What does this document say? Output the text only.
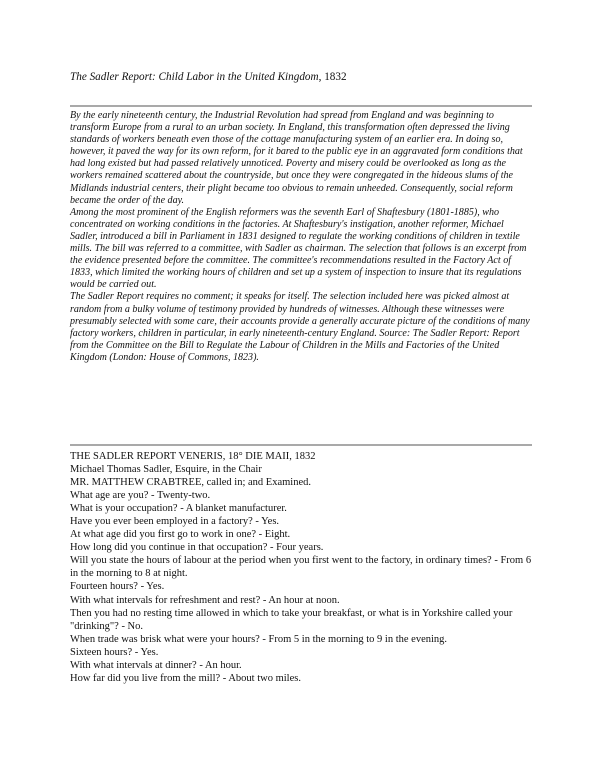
The Sadler Report: Child Labor in the United Kingdom, 1832

By the early nineteenth century, the Industrial Revolution had spread from England and was beginning to transform Europe from a rural to an urban society. In England, this transformation often depressed the living standards of workers beneath even those of the cottage manufacturing system of an earlier era. In doing so, however, it paved the way for its own reform, for it bared to the public eye in an aggravated form conditions that had long existed but had passed relatively unnoticed. Poverty and misery could be overlooked as long as the workers remained scattered about the countryside, but once they were congregated in the hideous slums of the Midlands industrial centers, their plight became too obvious to remain unheeded. Consequently, social reform became the order of the day.

Among the most prominent of the English reformers was the seventh Earl of Shaftesbury (1801-1885), who concentrated on working conditions in the factories. At Shaftesbury's instigation, another reformer, Michael Sadler, introduced a bill in Parliament in 1831 designed to regulate the working conditions of children in textile mills. The bill was referred to a committee, with Sadler as chairman. The selection that follows is an excerpt from the evidence presented before the committee. The committee's recommendations resulted in the Factory Act of 1833, which limited the working hours of children and set up a system of inspection to insure that its regulations would be carried out.

The Sadler Report requires no comment; it speaks for itself. The selection included here was picked almost at random from a bulky volume of testimony provided by hundreds of witnesses. Although these witnesses were presumably selected with some care, their accounts provide a generally accurate picture of the conditions of many factory workers, children in particular, in early nineteenth-century England. Source: The Sadler Report: Report from the Committee on the Bill to Regulate the Labour of Children in the Mills and Factories of the United Kingdom (London: House of Commons, 1823).

THE SADLER REPORT VENERIS, 18° DIE MAII, 1832
Michael Thomas Sadler, Esquire, in the Chair
MR. MATTHEW CRABTREE, called in; and Examined.
What age are you? - Twenty-two.
What is your occupation? - A blanket manufacturer.
Have you ever been employed in a factory? - Yes.
At what age did you first go to work in one? - Eight.
How long did you continue in that occupation? - Four years.
Will you state the hours of labour at the period when you first went to the factory, in ordinary times? - From 6 in the morning to 8 at night.
Fourteen hours? - Yes.
With what intervals for refreshment and rest? - An hour at noon.
Then you had no resting time allowed in which to take your breakfast, or what is in Yorkshire called your "drinking"? - No.
When trade was brisk what were your hours? - From 5 in the morning to 9 in the evening.
Sixteen hours? - Yes.
With what intervals at dinner? - An hour.
How far did you live from the mill? - About two miles.
